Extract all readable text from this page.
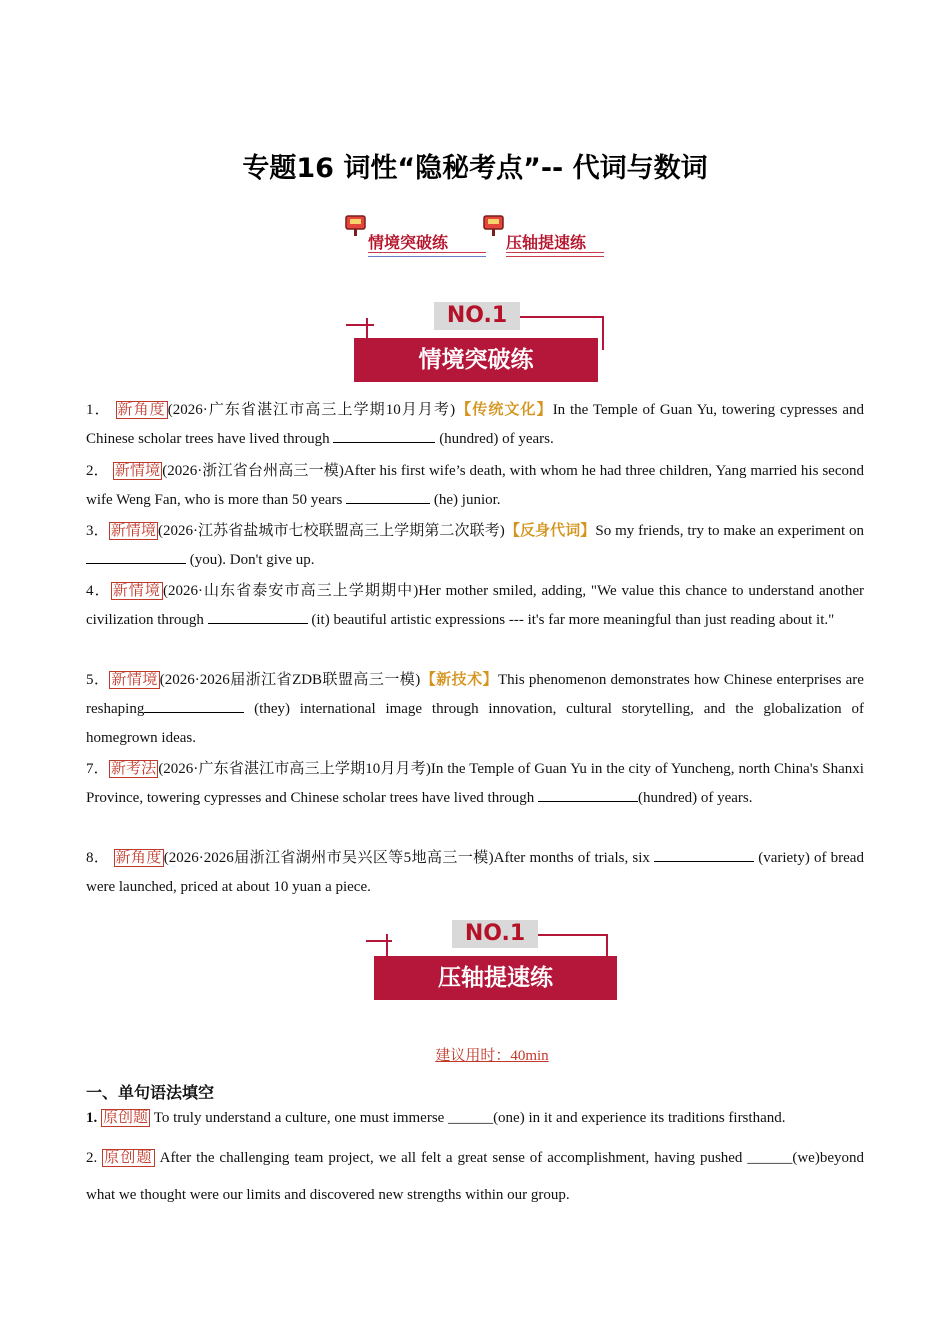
专题16 词性“隐秘考点”-- 代词与数词
情境突破练	压轴提速练
NO.1
情境突破练
1． 新角度 (2026·广东省湛江市高三上学期10月月考)【传统文化】In the Temple of Guan Yu, towering cypresses and Chinese scholar trees have lived through	(hundred) of years.
2． 新情境 (2026·浙江省台州高三一模)After his first wife’s death, with whom he had three children, Yang married his second wife Weng Fan, who is more than 50 years	(he) junior.
3． 新情境 (2026·江苏省盐城市七校联盟高三上学期第二次联考)【反身代词】So my friends, try to make an experiment on  (you). Don't give up.
4． 新情境 (2026·山东省泰安市高三上学期期中)Her mother smiled, adding, "We value this chance to understand another civilization through	(it) beautiful artistic expressions --- it's far more meaningful than just reading about it."
5． 新情境 (2026·2026届浙江省ZDB联盟高三一模)【新技术】This phenomenon demonstrates how Chinese enterprises are reshaping	(they) international image through innovation, cultural storytelling, and the globalization of homegrown ideas.
7． 新考法 (2026·广东省湛江市高三上学期10月月考)In the Temple of Guan Yu in the city of Yuncheng, north China's Shanxi Province, towering cypresses and Chinese scholar trees have lived through	(hundred) of years.
8． 新角度 (2026·2026届浙江省湖州市吴兴区等5地高三一模)After months of trials, six	(variety) of bread were launched, priced at about 10 yuan a piece.
NO.1
压轴提速练
建议用时：40min
一、单句语法填空
1. 原创题 To truly understand a culture, one must immerse ______(one) in it and experience its traditions firsthand.
2. 原创题 After the challenging team project, we all felt a great sense of accomplishment, having pushed ______(we)beyond what we thought were our limits and discovered new strengths within our group.
